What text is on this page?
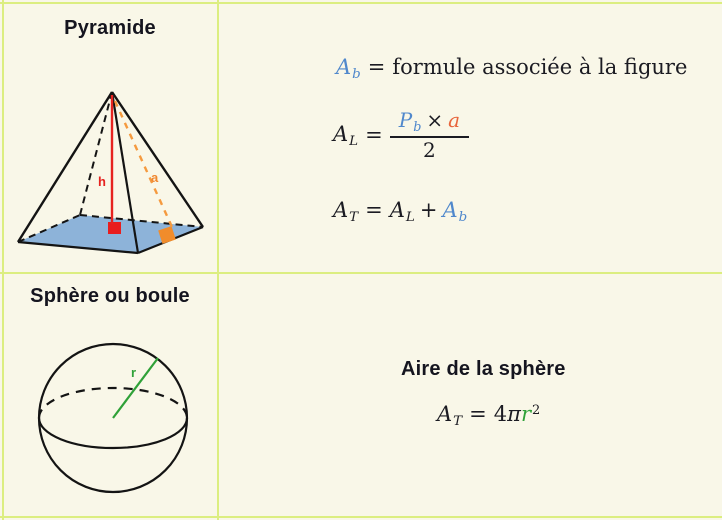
Pyramide
h	a
$A_b$ = formule associée à la figure
$A_L = \frac{P_b \times a}{2}$
$A_T = A_L + A_b$
Sphère ou boule
r	Aire de la sphère
$A_T = 4\pi r^2$
